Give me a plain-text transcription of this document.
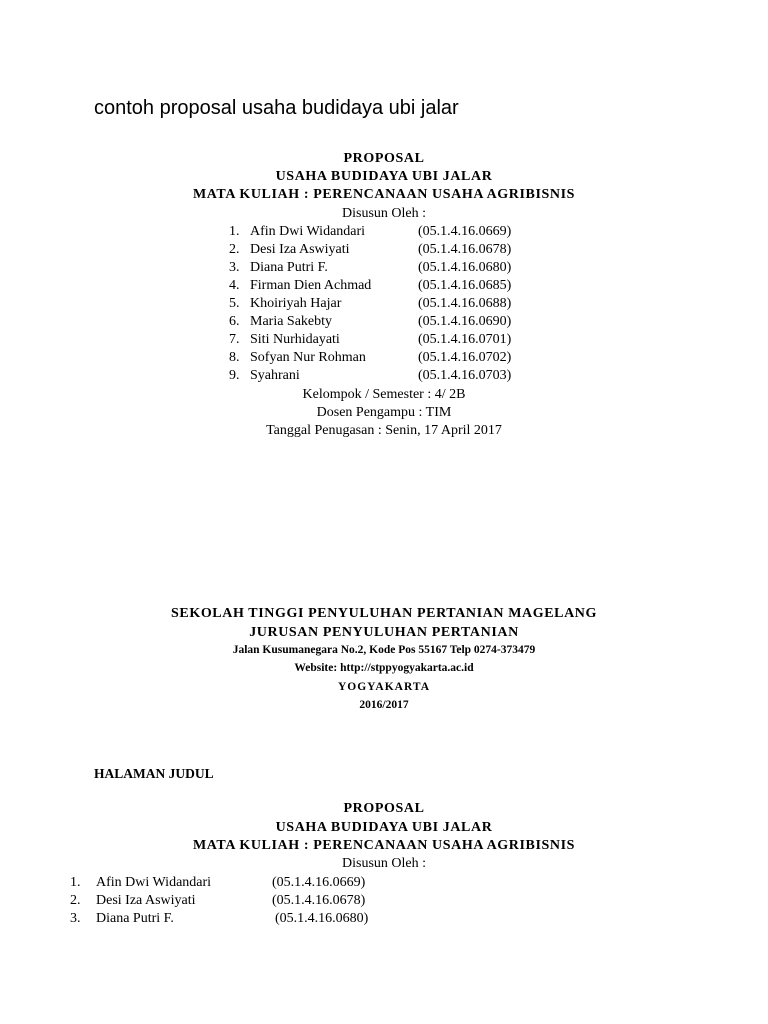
contoh proposal usaha budidaya ubi jalar
PROPOSAL
USAHA BUDIDAYA UBI JALAR
MATA KULIAH : PERENCANAAN USAHA AGRIBISNIS
Disusun Oleh :
1. Afin Dwi Widandari	(05.1.4.16.0669)
2. Desi Iza Aswiyati	(05.1.4.16.0678)
3. Diana Putri F.	(05.1.4.16.0680)
4. Firman Dien Achmad	(05.1.4.16.0685)
5. Khoiriyah Hajar	(05.1.4.16.0688)
6. Maria Sakebty	(05.1.4.16.0690)
7. Siti Nurhidayati	(05.1.4.16.0701)
8. Sofyan Nur Rohman	(05.1.4.16.0702)
9. Syahrani	(05.1.4.16.0703)
Kelompok / Semester : 4/ 2B
Dosen Pengampu : TIM
Tanggal Penugasan : Senin, 17 April 2017
SEKOLAH TINGGI PENYULUHAN PERTANIAN MAGELANG
JURUSAN PENYULUHAN PERTANIAN
Jalan Kusumanegara No.2, Kode Pos 55167 Telp 0274-373479
Website: http://stppyogyakarta.ac.id
YOGYAKARTA
2016/2017
HALAMAN JUDUL
PROPOSAL
USAHA BUDIDAYA UBI JALAR
MATA KULIAH : PERENCANAAN USAHA AGRIBISNIS
Disusun Oleh :
1. Afin Dwi Widandari	(05.1.4.16.0669)
2. Desi Iza Aswiyati	(05.1.4.16.0678)
3. Diana Putri F.	(05.1.4.16.0680)
